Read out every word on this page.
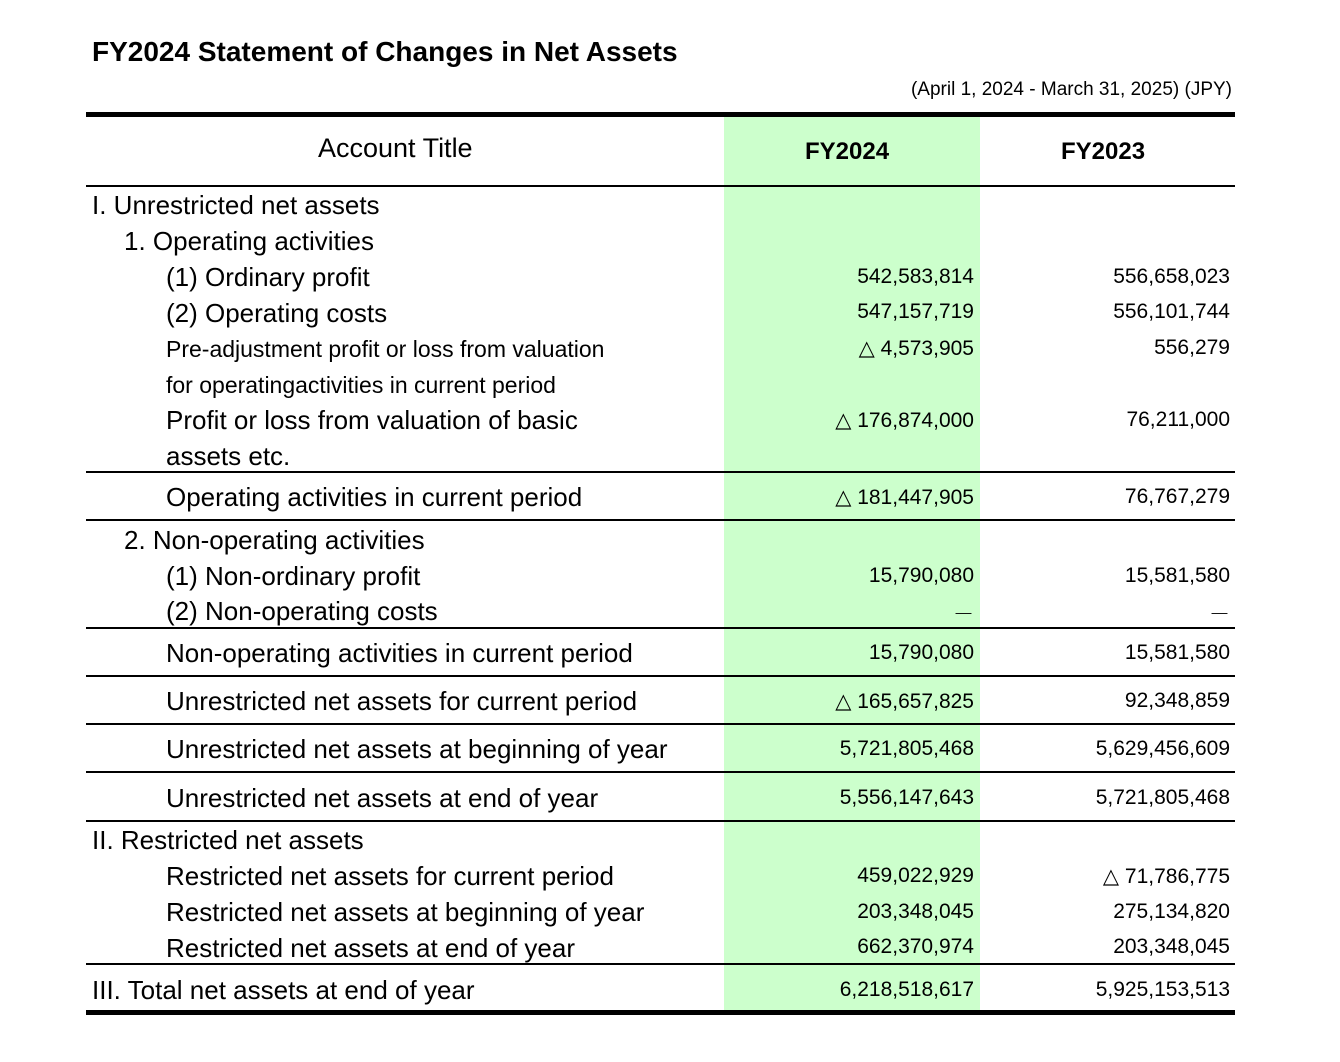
FY2024 Statement of Changes in Net Assets
(April 1, 2024 - March 31, 2025) (JPY)
Account Title	FY2024	FY2023
I. Unrestricted net assets
1. Operating activities
(1) Ordinary profit	542,583,814	556,658,023
(2) Operating costs	547,157,719	556,101,744
Pre-adjustment profit or loss from valuation	△ 4,573,905	556,279
for operatingactivities in current period
Profit or loss from valuation of basic	△ 176,874,000	76,211,000
assets etc.
Operating activities in current period	△ 181,447,905	76,767,279
2. Non-operating activities
(1) Non-ordinary profit	15,790,080	15,581,580
(2) Non-operating costs	－	－
Non-operating activities in current period	15,790,080	15,581,580
Unrestricted net assets for current period	△ 165,657,825	92,348,859
Unrestricted net assets at beginning of year	5,721,805,468	5,629,456,609
Unrestricted net assets at end of year	5,556,147,643	5,721,805,468
II. Restricted net assets
Restricted net assets for current period	459,022,929	△ 71,786,775
Restricted net assets at beginning of year	203,348,045	275,134,820
Restricted net assets at end of year	662,370,974	203,348,045
III. Total net assets at end of year	6,218,518,617	5,925,153,513
